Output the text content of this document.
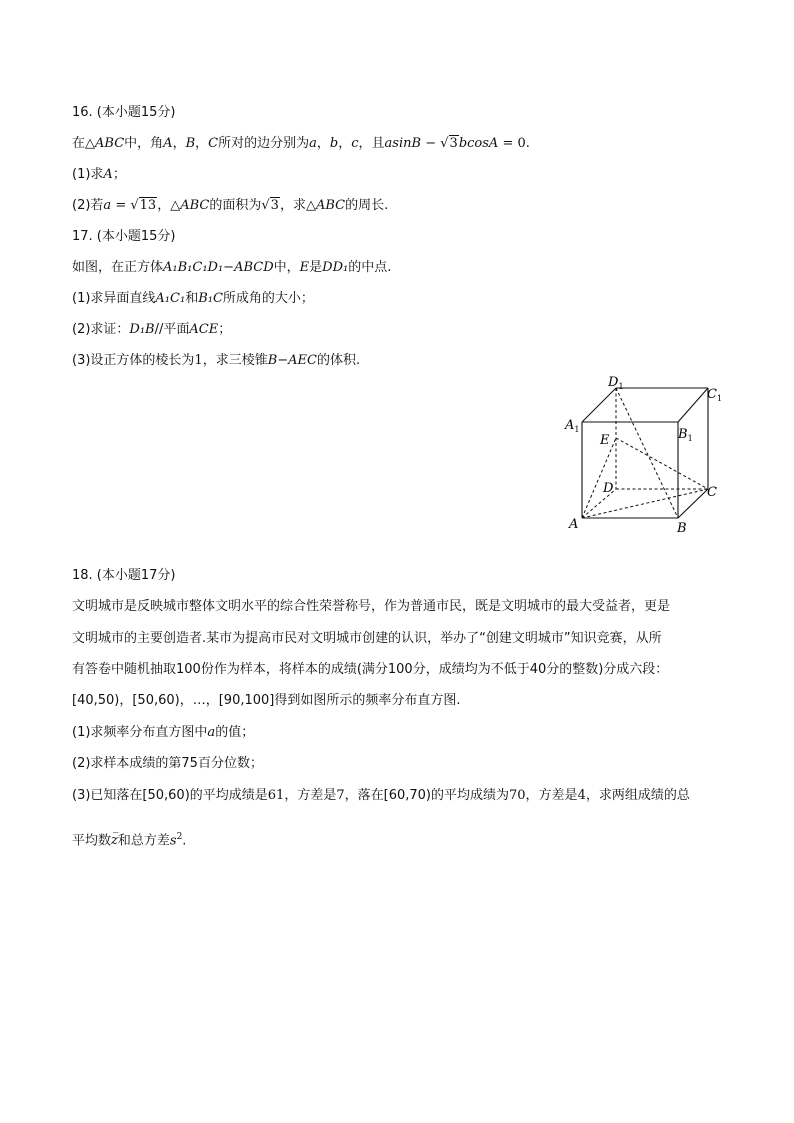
16. (本小题15分)
在△ABC中，角A，B，C所对的边分别为a，b，c，且asinB − √3bcosA = 0.
(1)求A；
(2)若a = √13，△ABC的面积为√3，求△ABC的周长.
17. (本小题15分)
如图，在正方体A₁B₁C₁D₁−ABCD中，E是DD₁的中点.
(1)求异面直线A₁C₁和B₁C所成角的大小；
(2)求证：D₁B//平面ACE；
(3)设正方体的棱长为1，求三棱锥B−AEC的体积.
$D_1$
$C_1$
$A_1$	$B_1$
E
D	C
A	B
18. (本小题17分)
文明城市是反映城市整体文明水平的综合性荣誉称号，作为普通市民，既是文明城市的最大受益者，更是
文明城市的主要创造者.某市为提高市民对文明城市创建的认识，举办了“创建文明城市”知识竞赛，从所
有答卷中随机抽取100份作为样本，将样本的成绩(满分100分，成绩均为不低于40分的整数)分成六段：
[40,50)，[50,60)，…，[90,100]得到如图所示的频率分布直方图.
(1)求频率分布直方图中a的值；
(2)求样本成绩的第75百分位数；
(3)已知落在[50,60)的平均成绩是61，方差是7，落在[60,70)的平均成绩为70，方差是4，求两组成绩的总
平均数_ z和总方差$s^2$.
